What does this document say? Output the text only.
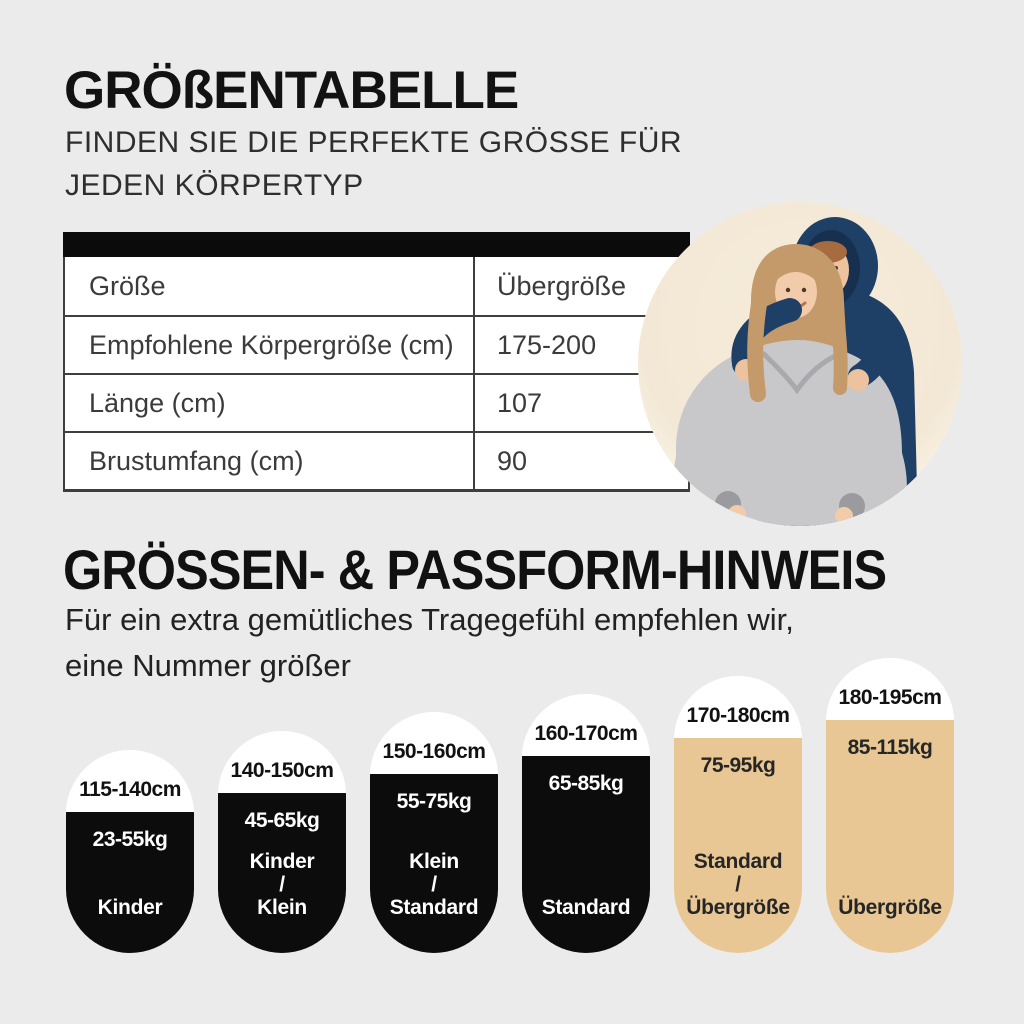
GRÖßENTABELLE
FINDEN SIE DIE PERFEKTE GRÖSSE FÜR
JEDEN KÖRPERTYP
Größe	Übergröße
Empfohlene Körpergröße (cm)	175-200
Länge (cm)	107
Brustumfang (cm)	90
GRÖSSEN- & PASSFORM-HINWEIS
Für ein extra gemütliches Tragegefühl empfehlen wir,
eine Nummer größer
115-140cm
23-55kg
Kinder
140-150cm
45-65kg
Kinder
/
Klein
150-160cm
55-75kg
Klein
/
Standard
160-170cm
65-85kg
Standard
170-180cm
75-95kg
Standard
/
Übergröße
180-195cm
85-115kg
Übergröße
